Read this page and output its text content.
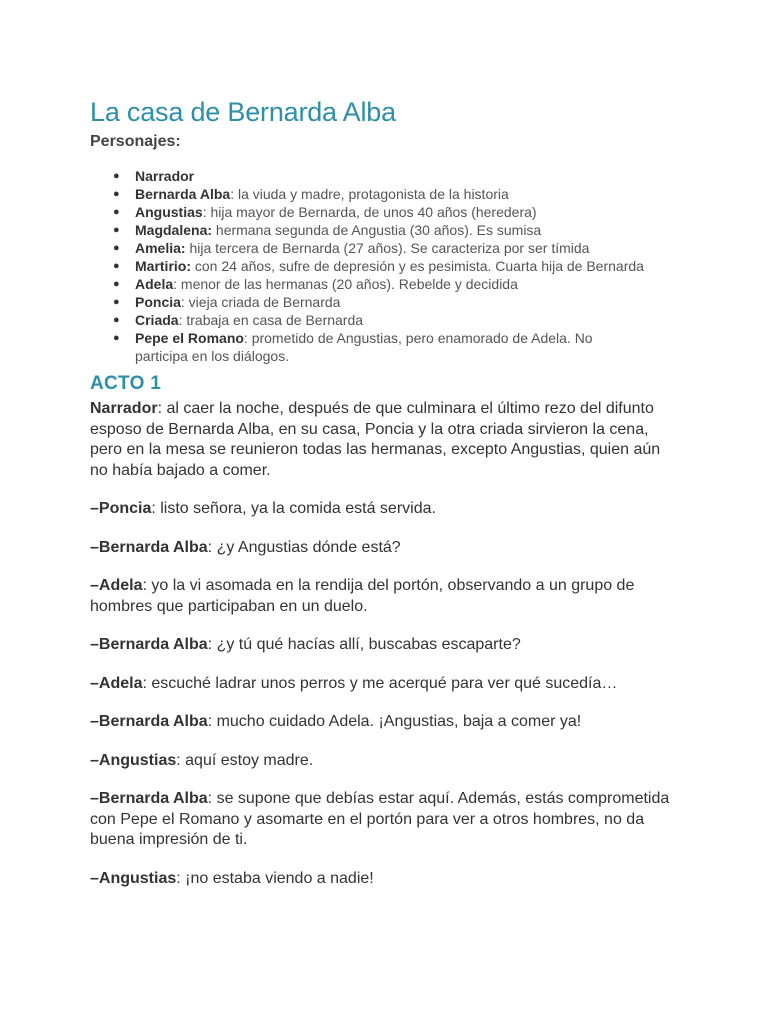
La casa de Bernarda Alba
Personajes:
● Narrador
● Bernarda Alba: la viuda y madre, protagonista de la historia
● Angustias: hija mayor de Bernarda, de unos 40 años (heredera)
● Magdalena: hermana segunda de Angustia (30 años). Es sumisa
● Amelia: hija tercera de Bernarda (27 años). Se caracteriza por ser tímida
● Martirio: con 24 años, sufre de depresión y es pesimista. Cuarta hija de Bernarda
● Adela: menor de las hermanas (20 años). Rebelde y decidida
● Poncia: vieja criada de Bernarda
● Criada: trabaja en casa de Bernarda
● Pepe el Romano: prometido de Angustias, pero enamorado de Adela. No participa en los diálogos.
ACTO 1

Narrador: al caer la noche, después de que culminara el último rezo del difunto esposo de Bernarda Alba, en su casa, Poncia y la otra criada sirvieron la cena, pero en la mesa se reunieron todas las hermanas, excepto Angustias, quien aún no había bajado a comer.

–Poncia: listo señora, ya la comida está servida.

–Bernarda Alba: ¿y Angustias dónde está?

–Adela: yo la vi asomada en la rendija del portón, observando a un grupo de hombres que participaban en un duelo.

–Bernarda Alba: ¿y tú qué hacías allí, buscabas escaparte?

–Adela: escuché ladrar unos perros y me acerqué para ver qué sucedía…

–Bernarda Alba: mucho cuidado Adela. ¡Angustias, baja a comer ya!

–Angustias: aquí estoy madre.

–Bernarda Alba: se supone que debías estar aquí. Además, estás comprometida con Pepe el Romano y asomarte en el portón para ver a otros hombres, no da buena impresión de ti.

–Angustias: ¡no estaba viendo a nadie!
